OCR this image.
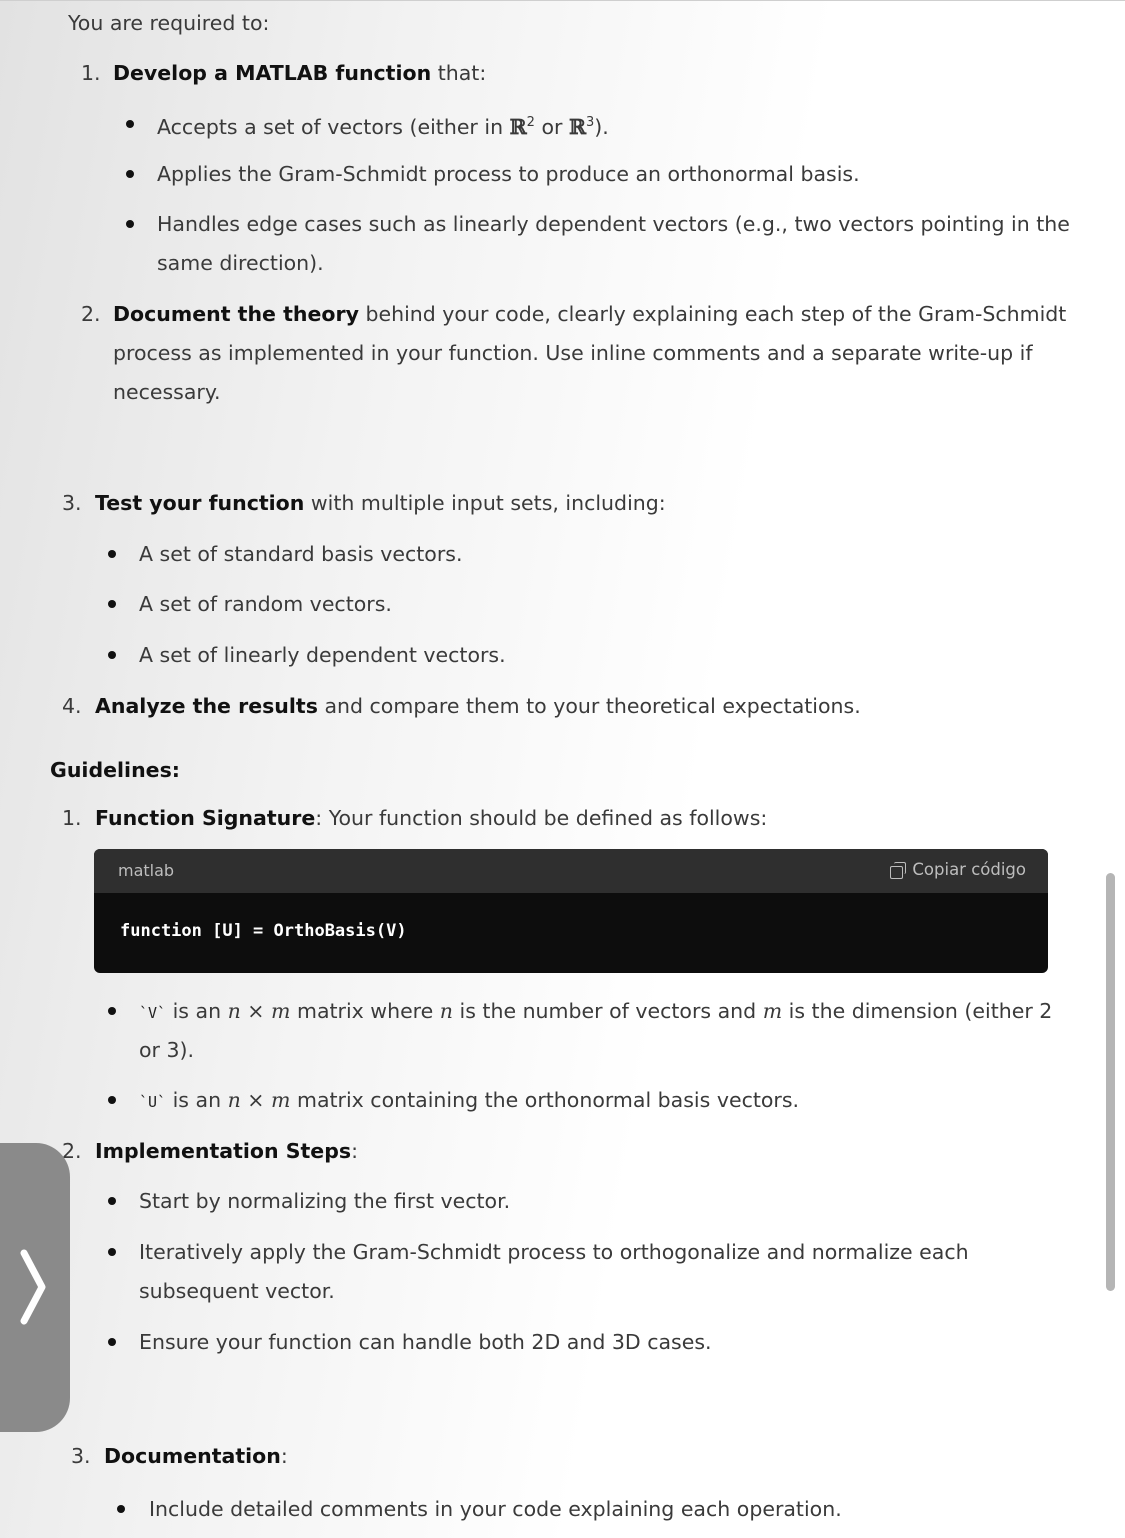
You are required to:
1. Develop a MATLAB function that:
Accepts a set of vectors (either in ℝ$^2$ or ℝ$^3$).
Applies the Gram-Schmidt process to produce an orthonormal basis.
Handles edge cases such as linearly dependent vectors (e.g., two vectors pointing in the
same direction).
2. Document the theory behind your code, clearly explaining each step of the Gram-Schmidt
process as implemented in your function. Use inline comments and a separate write-up if
necessary.
3. Test your function with multiple input sets, including:
A set of standard basis vectors.
A set of random vectors.
A set of linearly dependent vectors.
4. Analyze the results and compare them to your theoretical expectations.
Guidelines:
1. Function Signature: Your function should be defined as follows:
matlab	Copiar código
function [U] = OrthoBasis(V)
`V` is an n × m matrix where n is the number of vectors and m is the dimension (either 2
or 3).
`U` is an n × m matrix containing the orthonormal basis vectors.
2. Implementation Steps:
Start by normalizing the first vector.
Iteratively apply the Gram-Schmidt process to orthogonalize and normalize each
subsequent vector.
Ensure your function can handle both 2D and 3D cases.
3. Documentation:
Include detailed comments in your code explaining each operation.
